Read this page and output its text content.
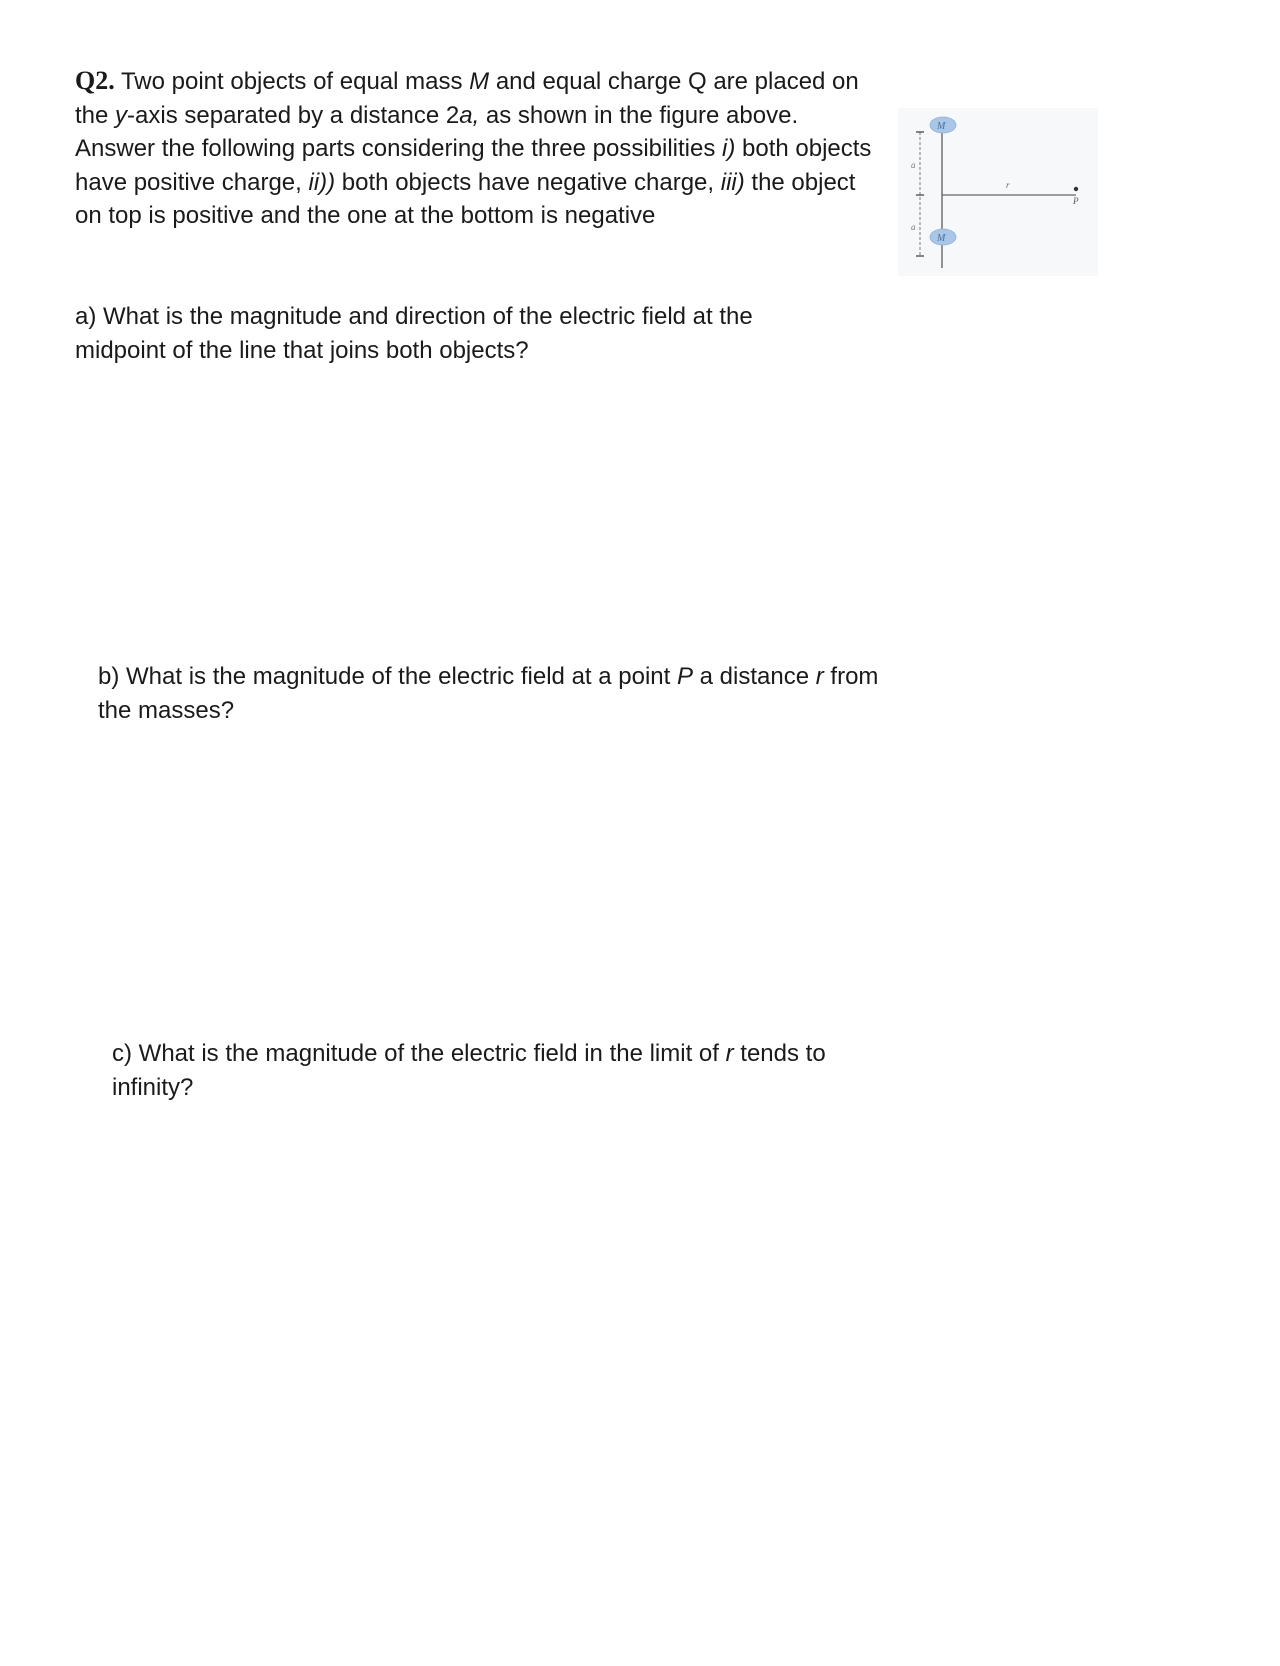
Q2. Two point objects of equal mass M and equal charge Q are placed on the y-axis separated by a distance 2a, as shown in the figure above. Answer the following parts considering the three possibilities i) both objects have positive charge, ii)) both objects have negative charge, iii) the object on top is positive and the one at the bottom is negative
a
a
M
M
r
P
a) What is the magnitude and direction of the electric field at the midpoint of the line that joins both objects?
b) What is the magnitude of the electric field at a point P a distance r from the masses?
c) What is the magnitude of the electric field in the limit of r tends to infinity?
